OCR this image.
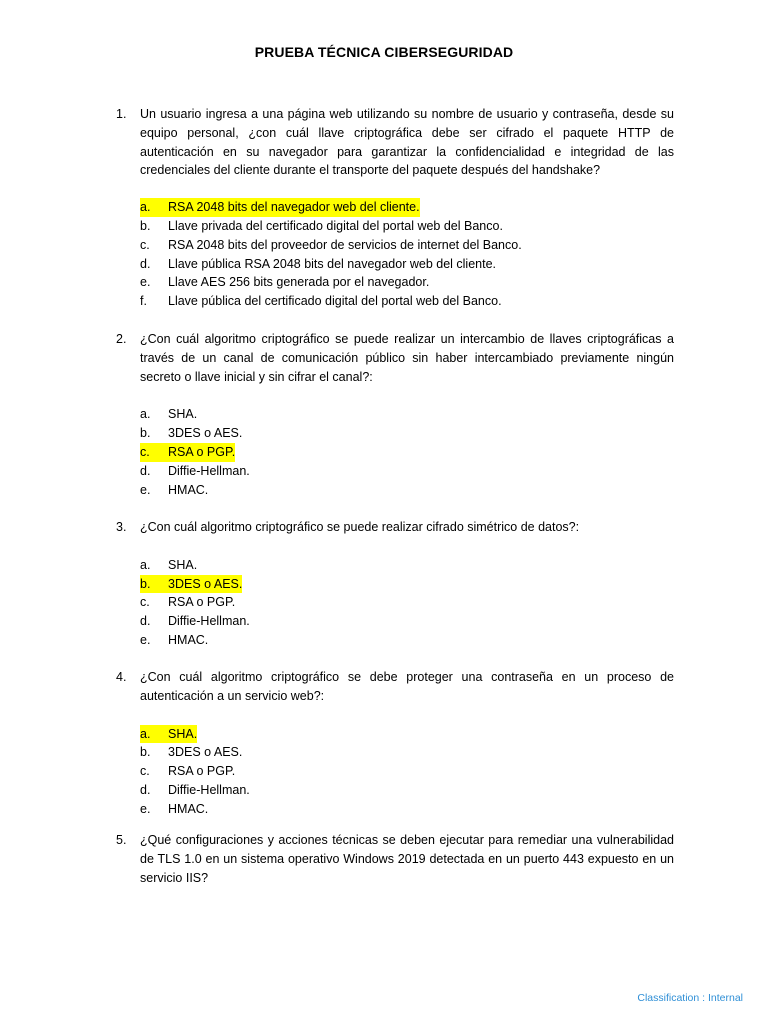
PRUEBA TÉCNICA CIBERSEGURIDAD
1. Un usuario ingresa a una página web utilizando su nombre de usuario y contraseña, desde su equipo personal, ¿con cuál llave criptográfica debe ser cifrado el paquete HTTP de autenticación en su navegador para garantizar la confidencialidad e integridad de las credenciales del cliente durante el transporte del paquete después del handshake?
a.	RSA 2048 bits del navegador web del cliente.
b.	Llave privada del certificado digital del portal web del Banco.
c.	RSA 2048 bits del proveedor de servicios de internet del Banco.
d.	Llave pública RSA 2048 bits del navegador web del cliente.
e.	Llave AES 256 bits generada por el navegador.
f.	Llave pública del certificado digital del portal web del Banco.
2. ¿Con cuál algoritmo criptográfico se puede realizar un intercambio de llaves criptográficas a través de un canal de comunicación público sin haber intercambiado previamente ningún secreto o llave inicial y sin cifrar el canal?:
a.	SHA.
b.	3DES o AES.
c.	RSA o PGP.
d.	Diffie-Hellman.
e.	HMAC.
3. ¿Con cuál algoritmo criptográfico se puede realizar cifrado simétrico de datos?:
a.	SHA.
b.	3DES o AES.
c.	RSA o PGP.
d.	Diffie-Hellman.
e.	HMAC.
4. ¿Con cuál algoritmo criptográfico se debe proteger una contraseña en un proceso de autenticación a un servicio web?:
a.	SHA.
b.	3DES o AES.
c.	RSA o PGP.
d.	Diffie-Hellman.
e.	HMAC.
5. ¿Qué configuraciones y acciones técnicas se deben ejecutar para remediar una vulnerabilidad de TLS 1.0 en un sistema operativo Windows 2019 detectada en un puerto 443 expuesto en un servicio IIS?
Classification : Internal
